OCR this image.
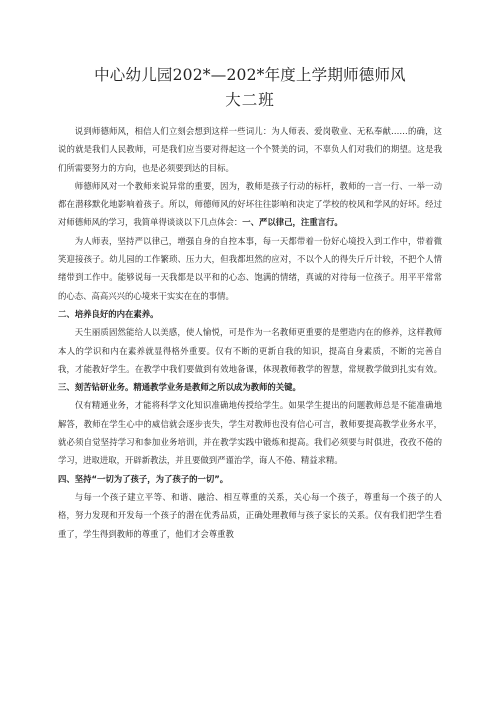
中心幼儿园202*—202*年度上学期师德师风
大二班

说到师德师风，相信人们立刻会想到这样一些词儿：为人师表、爱岗敬业、无私奉献……的确，这说的就是我们人民教师，可是我们应当要对得起这一个个赞美的词，不辜负人们对我们的期望。这是我们所需要努力的方向，也是必须要到达的目标。

师德师风对一个教师来说异常的重要，因为，教师是孩子行动的标杆，教师的一言一行、一举一动都在潜移默化地影响着孩子。所以，师德师风的好坏往往影响和决定了学校的校风和学风的好坏。经过对师德师风的学习，我简单得谈谈以下几点体会：一、严以律己，注重言行。

为人师表，坚持严以律己，增强自身的自控本事，每一天都带着一份好心境投入到工作中，带着微笑迎接孩子。幼儿园的工作繁琐、压力大，但我都坦然的应对，不以个人的得失斤斤计较，不把个人情绪带到工作中。能够说每一天我都是以平和的心态、饱满的情绪，真诚的对待每一位孩子。用平平常常的心态、高高兴兴的心境来干实实在在的事情。

二、培养良好的内在素养。

天生丽质固然能给人以美感，使人愉悦，可是作为一名教师更重要的是塑造内在的修养，这样教师本人的学识和内在素养就显得格外重要。仅有不断的更新自我的知识，提高自身素质，不断的完善自我，才能教好学生。在教学中我们要做到有效地备课，体现教师教学的智慧，常规教学做到扎实有效。三、刻苦钻研业务。精通教学业务是教师之所以成为教师的关键。

仅有精通业务，才能将科学文化知识准确地传授给学生。如果学生提出的问题教师总是不能准确地解答，教师在学生心中的威信就会逐步丧失，学生对教师也没有信心可言，教师要提高教学业务水平，就必须自觉坚持学习和参加业务培训，并在教学实践中锻炼和提高。我们必须要与时俱进，孜孜不倦的学习，进取进取，开辟新教法，并且要做到严谨治学，诲人不倦、精益求精。

四、坚持“一切为了孩子，为了孩子的一切”。

与每一个孩子建立平等、和谐、融洽、相互尊重的关系，关心每一个孩子，尊重每一个孩子的人格，努力发现和开发每一个孩子的潜在优秀品质，正确处理教师与孩子家长的关系。仅有我们把学生看重了，学生得到教师的尊重了，他们才会尊重教
